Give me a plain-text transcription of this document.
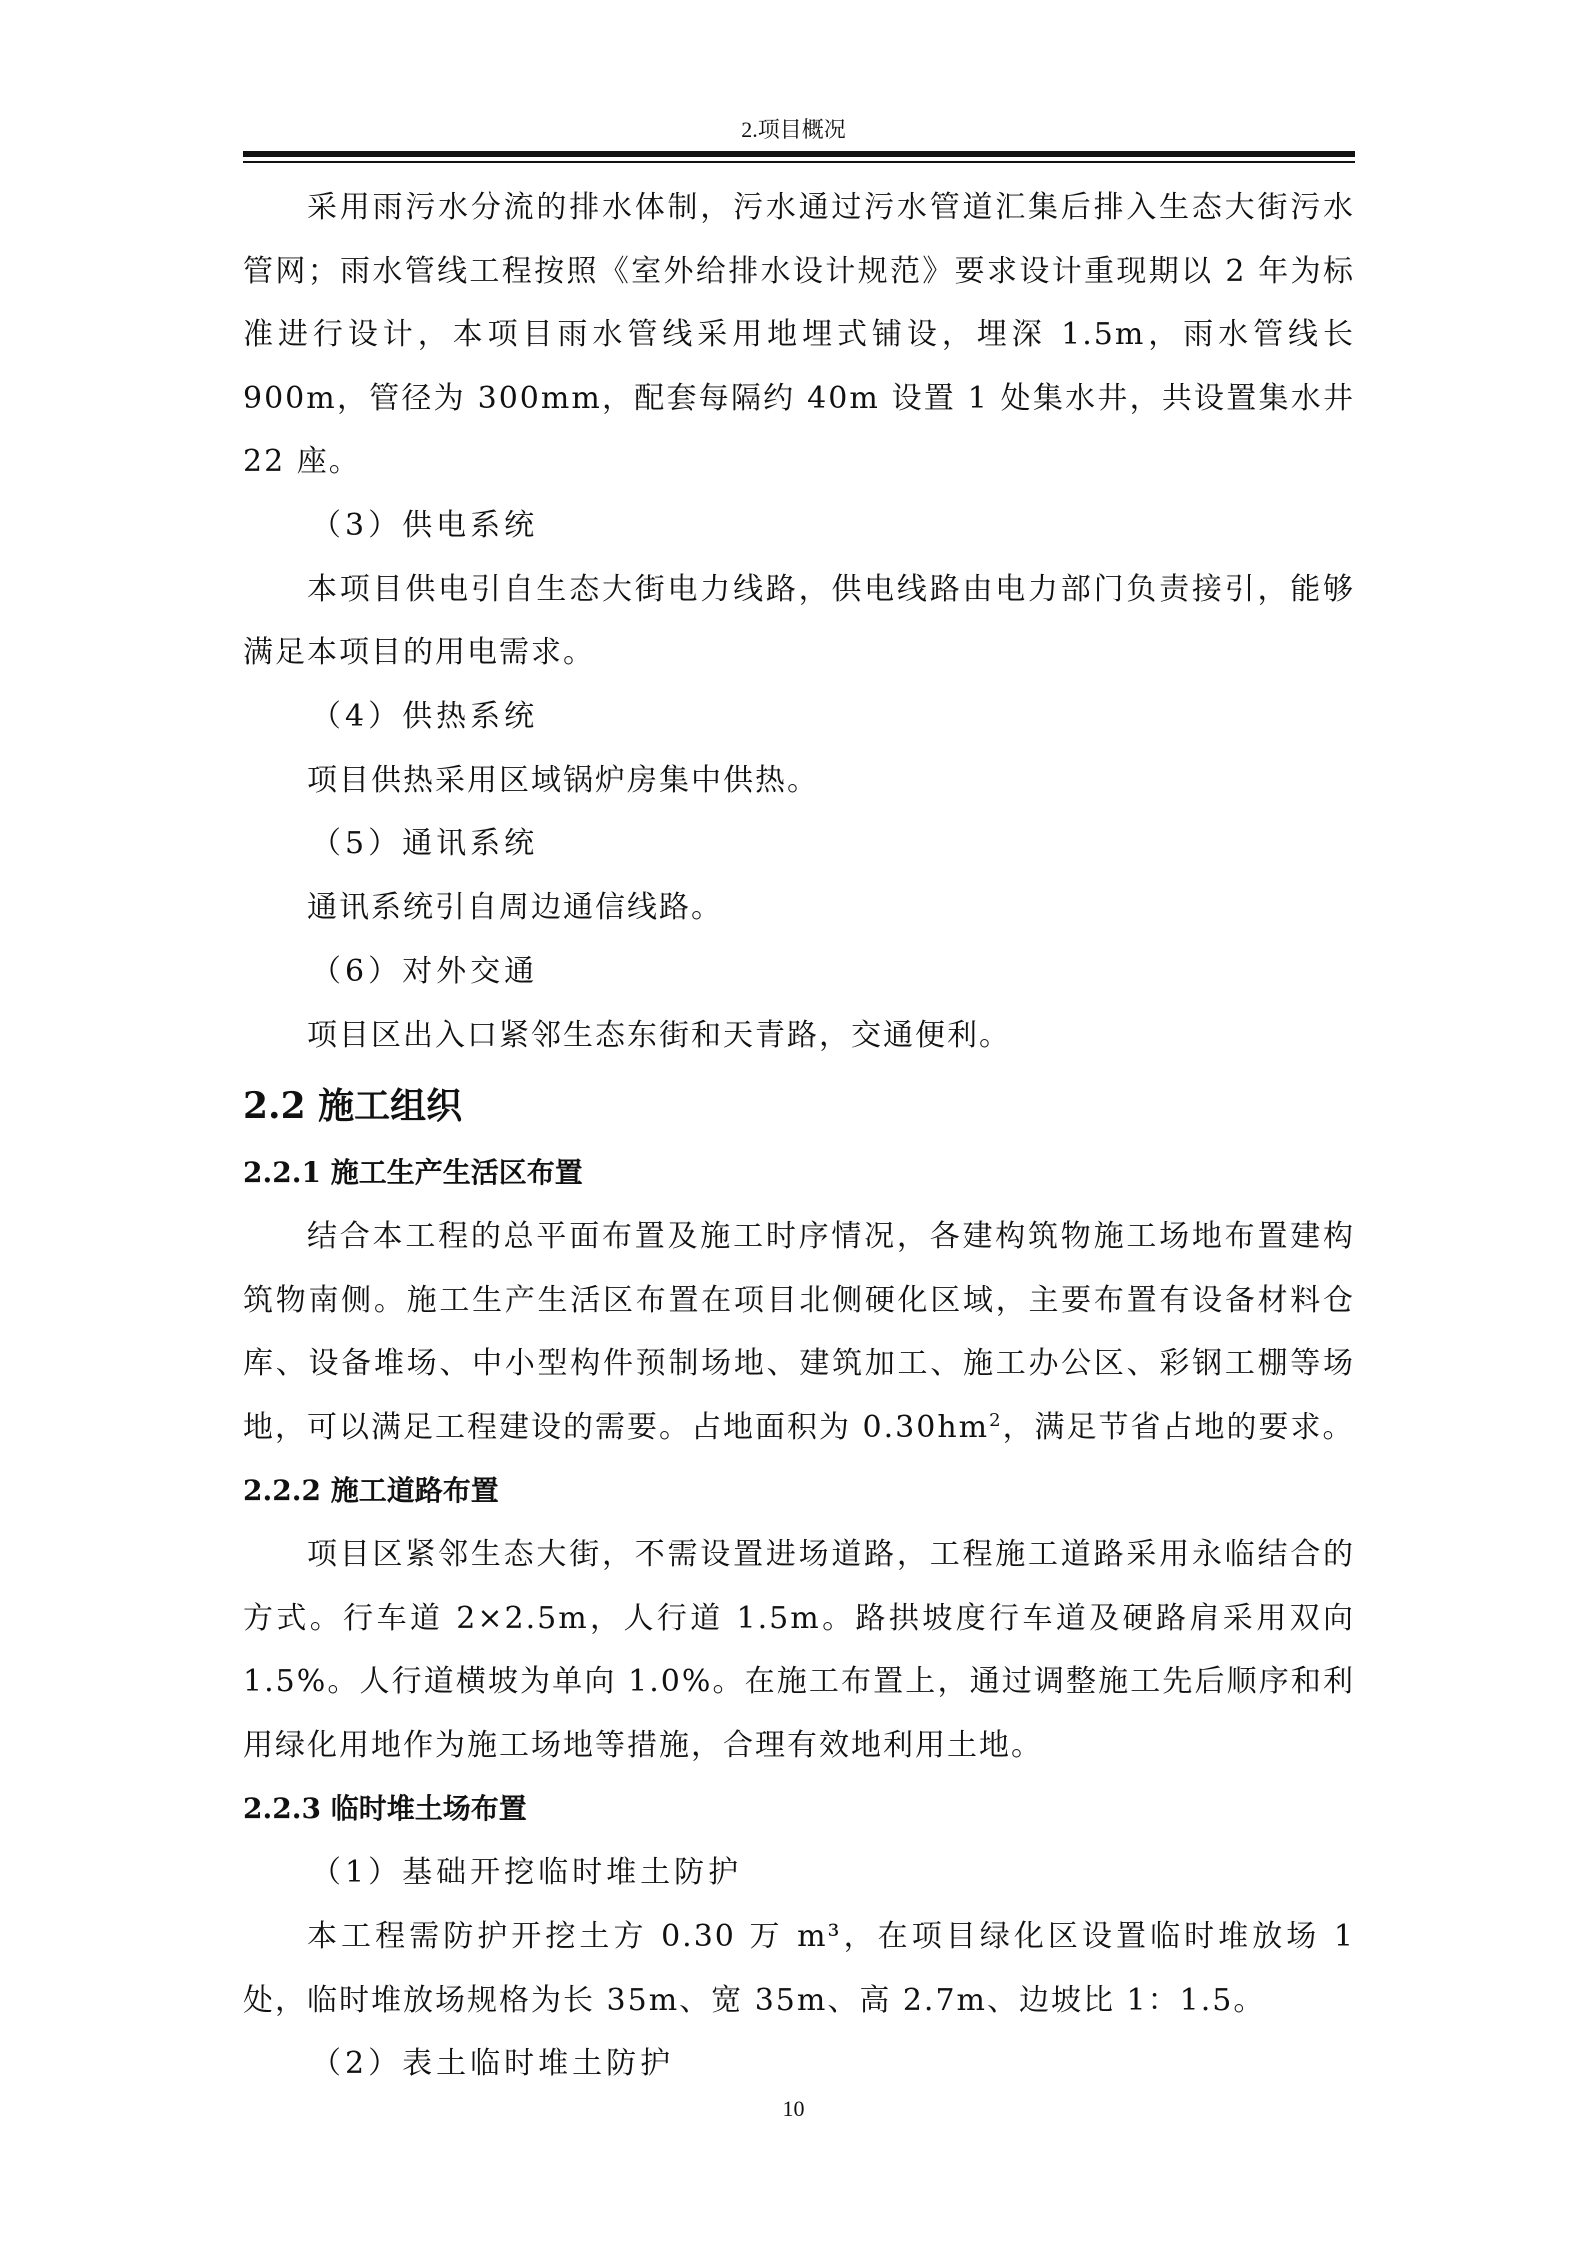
2.项目概况

采用雨污水分流的排水体制，污水通过污水管道汇集后排入生态大街污水管网；雨水管线工程按照《室外给排水设计规范》要求设计重现期以 2 年为标准进行设计，本项目雨水管线采用地埋式铺设，埋深 1.5m，雨水管线长 900m，管径为 300mm，配套每隔约 40m 设置 1 处集水井，共设置集水井 22 座。

（3）供电系统

本项目供电引自生态大街电力线路，供电线路由电力部门负责接引，能够满足本项目的用电需求。

（4）供热系统

项目供热采用区域锅炉房集中供热。

（5）通讯系统

通讯系统引自周边通信线路。

（6）对外交通

项目区出入口紧邻生态东街和天青路，交通便利。

2.2 施工组织

2.2.1 施工生产生活区布置

结合本工程的总平面布置及施工时序情况，各建构筑物施工场地布置建构筑物南侧。施工生产生活区布置在项目北侧硬化区域，主要布置有设备材料仓库、设备堆场、中小型构件预制场地、建筑加工、施工办公区、彩钢工棚等场地，可以满足工程建设的需要。占地面积为 $0.30hm^2$，满足节省占地的要求。

2.2.2 施工道路布置

项目区紧邻生态大街，不需设置进场道路，工程施工道路采用永临结合的方式。行车道 2×2.5m，人行道 1.5m。路拱坡度行车道及硬路肩采用双向 1.5%。人行道横坡为单向 1.0%。在施工布置上，通过调整施工先后顺序和利用绿化用地作为施工场地等措施，合理有效地利用土地。

2.2.3 临时堆土场布置

（1）基础开挖临时堆土防护

本工程需防护开挖土方 0.30 万 m³，在项目绿化区设置临时堆放场 1 处，临时堆放场规格为长 35m、宽 35m、高 2.7m、边坡比 1：1.5。

（2）表土临时堆土防护

10
